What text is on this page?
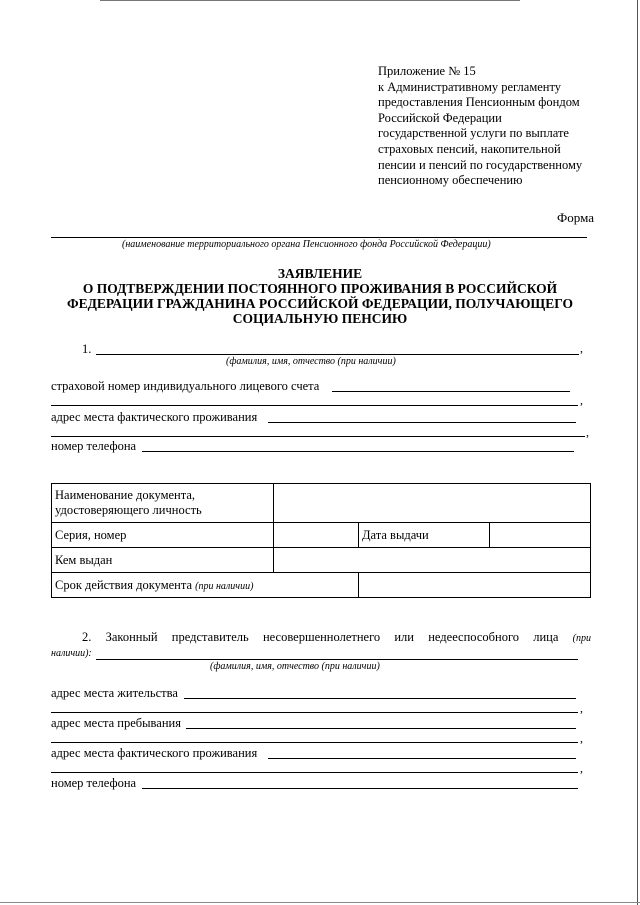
Приложение № 15
к Административному регламенту
предоставления Пенсионным фондом
Российской Федерации
государственной услуги по выплате
страховых пенсий, накопительной
пенсии и пенсий по государственному
пенсионному обеспечению
Форма
(наименование территориального органа Пенсионного фонда Российской Федерации)
ЗАЯВЛЕНИЕ
О ПОДТВЕРЖДЕНИИ ПОСТОЯННОГО ПРОЖИВАНИЯ В РОССИЙСКОЙ
ФЕДЕРАЦИИ ГРАЖДАНИНА РОССИЙСКОЙ ФЕДЕРАЦИИ, ПОЛУЧАЮЩЕГО
СОЦИАЛЬНУЮ ПЕНСИЮ
1.	,
(фамилия, имя, отчество (при наличии)
страховой номер индивидуального лицевого счета
,
адрес места фактического проживания
,
номер телефона
Наименование документа, удостоверяющего личность			
Серия, номер		Дата выдачи	
Кем выдан			
Срок действия документа (при наличии)			
2. Законный представитель несовершеннолетнего или недееспособного лица (при
наличии):
(фамилия, имя, отчество (при наличии)
адрес места жительства
,
адрес места пребывания
,
адрес места фактического проживания
,
номер телефона
